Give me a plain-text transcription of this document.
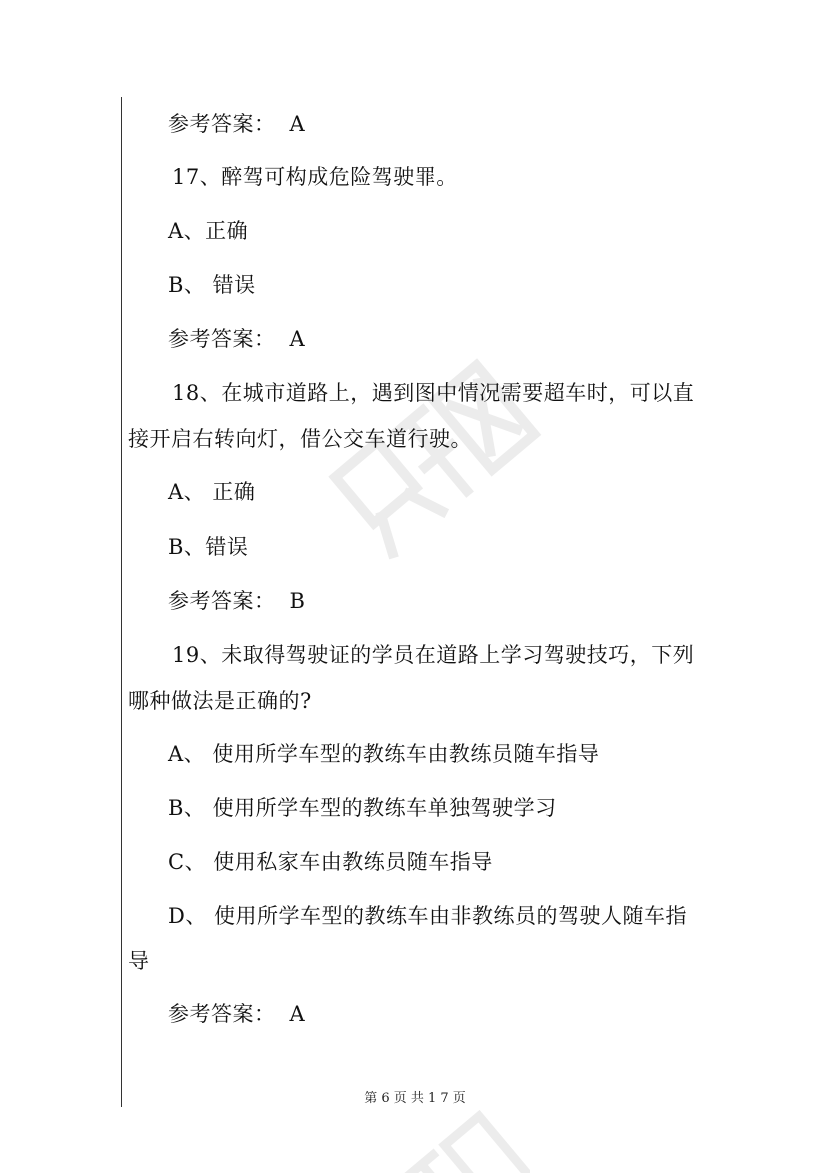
参考答案： A
17、醉驾可构成危险驾驶罪。
A、正确
B、 错误
参考答案： A
18、在城市道路上，遇到图中情况需要超车时，可以直
接开启右转向灯，借公交车道行驶。
A、 正确
B、错误
参考答案： B
19、未取得驾驶证的学员在道路上学习驾驶技巧，下列
哪种做法是正确的?
A、 使用所学车型的教练车由教练员随车指导
B、 使用所学车型的教练车单独驾驶学习
C、 使用私家车由教练员随车指导
D、 使用所学车型的教练车由非教练员的驾驶人随车指
导
参考答案： A
第 6 页 共 1 7 页
